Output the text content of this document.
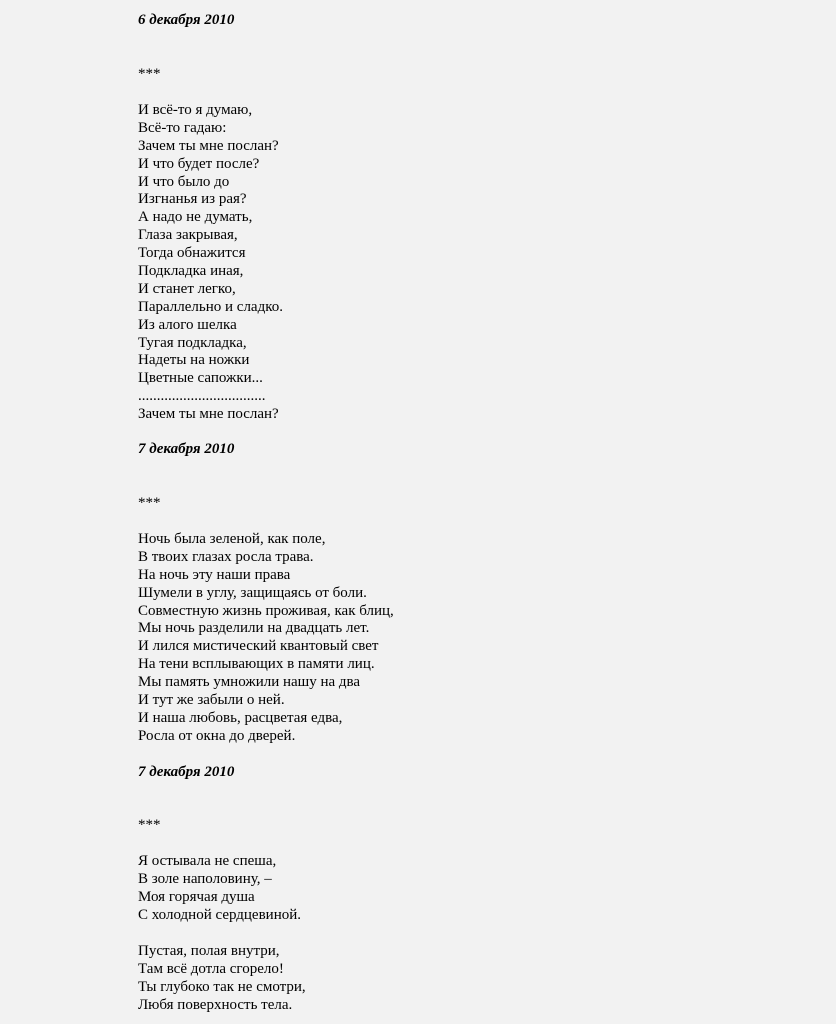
6 декабря 2010
***
И всё-то я думаю,
Всё-то гадаю:
Зачем ты мне послан?
И что будет после?
И что было до
Изгнанья из рая?
А надо не думать,
Глаза закрывая,
Тогда обнажится
Подкладка иная,
И станет легко,
Параллельно и сладко.
Из алого шелка
Тугая подкладка,
Надеты на ножки
Цветные сапожки...
..................................
Зачем ты мне послан?
7 декабря 2010
***
Ночь была зеленой, как поле,
В твоих глазах росла трава.
На ночь эту наши права
Шумели в углу, защищаясь от боли.
Совместную жизнь проживая, как блиц,
Мы ночь разделили на двадцать лет.
И лился мистический квантовый свет
На тени всплывающих в памяти лиц.
Мы память умножили нашу на два
И тут же забыли о ней.
И наша любовь, расцветая едва,
Росла от окна до дверей.
7 декабря 2010
***
Я остывала не спеша,
В золе наполовину, –
Моя горячая душа
С холодной сердцевиной.
Пустая, полая внутри,
Там всё дотла сгорело!
Ты глубоко так не смотри,
Любя поверхность тела.
